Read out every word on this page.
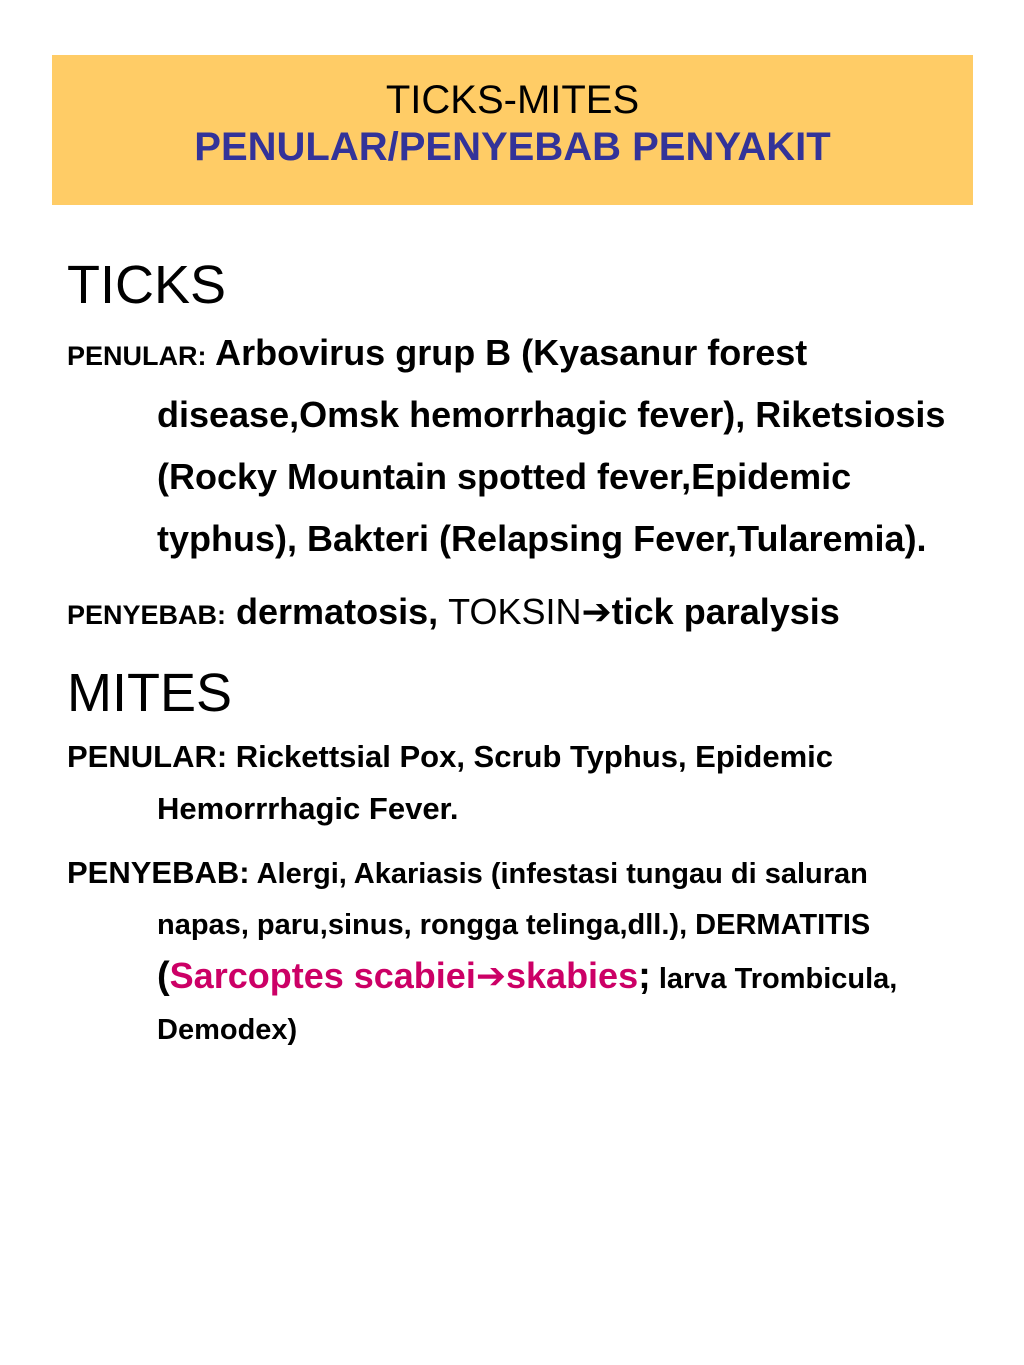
TICKS-MITES
PENULAR/PENYEBAB PENYAKIT
TICKS
PENULAR: Arbovirus grup B (Kyasanur forest disease,Omsk hemorrhagic fever), Riketsiosis (Rocky Mountain spotted fever,Epidemic typhus), Bakteri (Relapsing Fever,Tularemia).
PENYEBAB: dermatosis, TOKSIN➔tick paralysis
MITES
PENULAR: Rickettsial Pox, Scrub Typhus, Epidemic Hemorrrhagic Fever.
PENYEBAB: Alergi, Akariasis (infestasi tungau di saluran napas, paru,sinus, rongga telinga,dll.), DERMATITIS (Sarcoptes scabiei➔skabies; larva Trombicula, Demodex)
